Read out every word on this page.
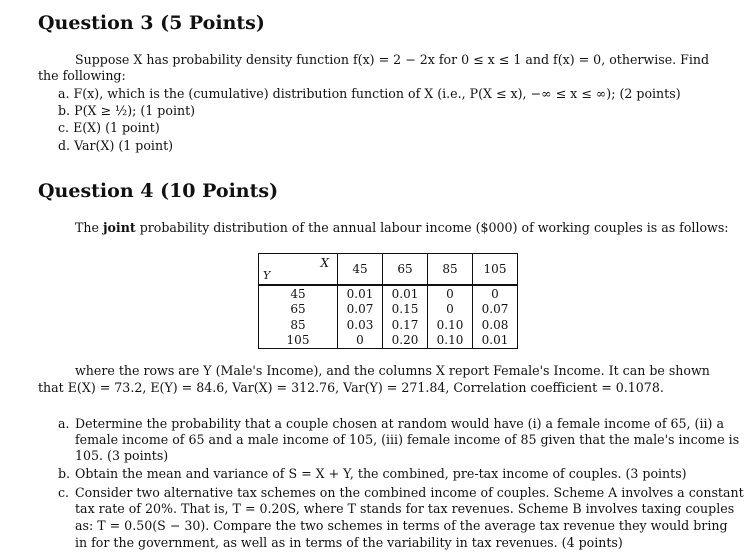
Question 3 (5 Points)
Suppose X has probability density function f(x) = 2 − 2x for 0 ≤ x ≤ 1 and f(x) = 0, otherwise. Find
the following:
a. F(x), which is the (cumulative) distribution function of X (i.e., P(X ≤ x), −∞ ≤ x ≤ ∞); (2 points)
b. P(X ≥ ½); (1 point)
c. E(X) (1 point)
d. Var(X) (1 point)
Question 4 (10 Points)
The joint probability distribution of the annual labour income ($000) of working couples is as follows:
X
Y	45	65	85	105
45	0.01	0.01	0	0
65	0.07	0.15	0	0.07
85	0.03	0.17	0.10	0.08
105	0	0.20	0.10	0.01
where the rows are Y (Male's Income), and the columns X report Female's Income. It can be shown
that E(X) = 73.2, E(Y) = 84.6, Var(X) = 312.76, Var(Y) = 271.84, Correlation coefficient = 0.1078.
a. Determine the probability that a couple chosen at random would have (i) a female income of 65, (ii) a
female income of 65 and a male income of 105, (iii) female income of 85 given that the male's income is
105. (3 points)
b. Obtain the mean and variance of S = X + Y, the combined, pre-tax income of couples. (3 points)
c. Consider two alternative tax schemes on the combined income of couples. Scheme A involves a constant
tax rate of 20%. That is, T = 0.20S, where T stands for tax revenues. Scheme B involves taxing couples
as: T = 0.50(S − 30). Compare the two schemes in terms of the average tax revenue they would bring
in for the government, as well as in terms of the variability in tax revenues. (4 points)
